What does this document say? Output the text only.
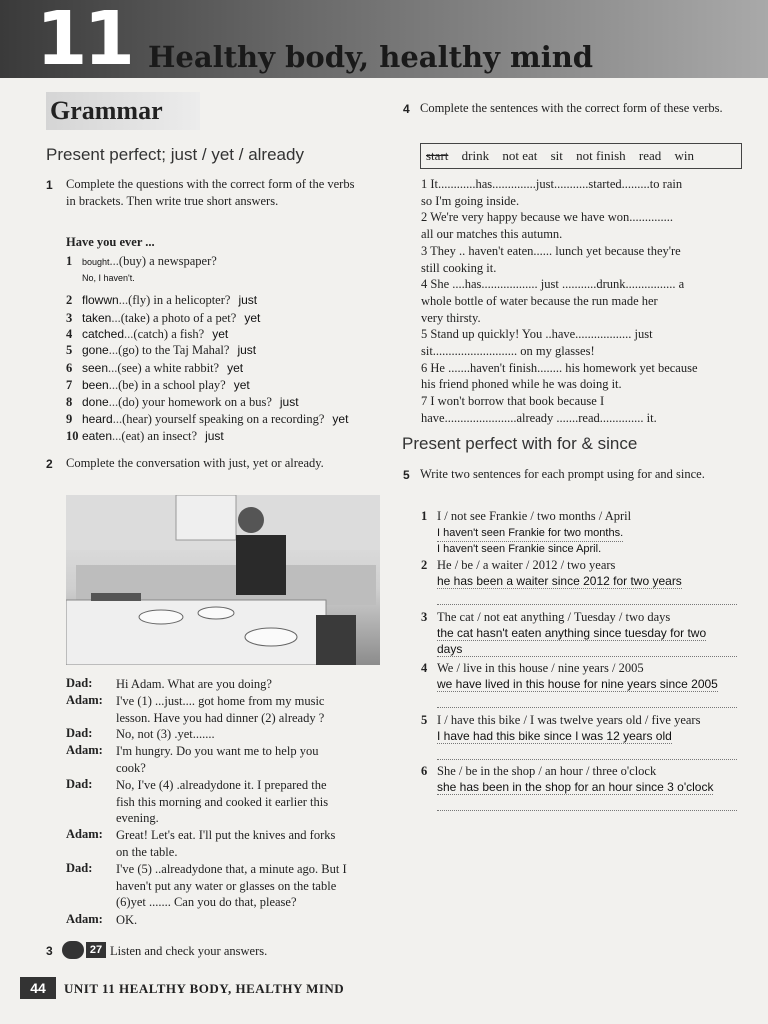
11 Healthy body, healthy mind
Grammar
Present perfect; just / yet / already
1 Complete the questions with the correct form of the verbs in brackets. Then write true short answers.
Have you ever ...
1 bought...(buy) a newspaper?
2 flowwn...(fly) in a helicopter? just
3 taken...(take) a photo of a pet? yet
4 catched...(catch) a fish? yet
5 gone...(go) to the Taj Mahal? just
6 seen...(see) a white rabbit? yet
7 been...(be) in a school play? yet
8 done...(do) your homework on a bus? just
9 heard...(hear) yourself speaking on a recording? yet
10 eaten...(eat) an insect? just
No, I haven't.
2 Complete the conversation with just, yet or already.
Dad: Hi Adam. What are you doing?
Adam: I've (1) ...just.... got home from my music
lesson. Have you had dinner (2) already ?
Dad: No, not (3) .yet.......
Adam: I'm hungry. Do you want me to help you
cook?
Dad: No, I've (4) .alreadydone it. I prepared the
fish this morning and cooked it earlier this
evening.
Adam: Great! Let's eat. I'll put the knives and forks
on the table.
Dad: I've (5) ..alreadydone that, a minute ago. But I
haven't put any water or glasses on the table
(6)yet ....... Can you do that, please?
Adam: OK.
3	27 Listen and check your answers.
4 Complete the sentences with the correct form of these verbs.
start drink not eat sit not finish read win
1 It............has..............just...........started.........to rain
so I'm going inside.
2 We're very happy because we have won..............
all our matches this autumn.
3 They .. haven't eaten...... lunch yet because they're
still cooking it.
4 She ....has.................. just ...........drunk................ a
whole bottle of water because the run made her
very thirsty.
5 Stand up quickly! You ..have.................. just
sit........................... on my glasses!
6 He .......haven't finish........ his homework yet because
his friend phoned while he was doing it.
7 I won't borrow that book because I
have.......................already .......read.............. it.
Present perfect with for & since
5 Write two sentences for each prompt using for and since.
1 I / not see Frankie / two months / April
I haven't seen Frankie for two months.
I haven't seen Frankie since April.
2 He / be / a waiter / 2012 / two years
he has been a waiter since 2012 for two years
3 The cat / not eat anything / Tuesday / two days
the cat hasn't eaten anything since tuesday for two
days
4 We / live in this house / nine years / 2005
we have lived in this house for nine years since 2005
5 I / have this bike / I was twelve years old / five years
I have had this bike since I was 12 years old
6 She / be in the shop / an hour / three o'clock
she has been in the shop for an hour since 3 o'clock
44	UNIT 11 HEALTHY BODY, HEALTHY MIND
